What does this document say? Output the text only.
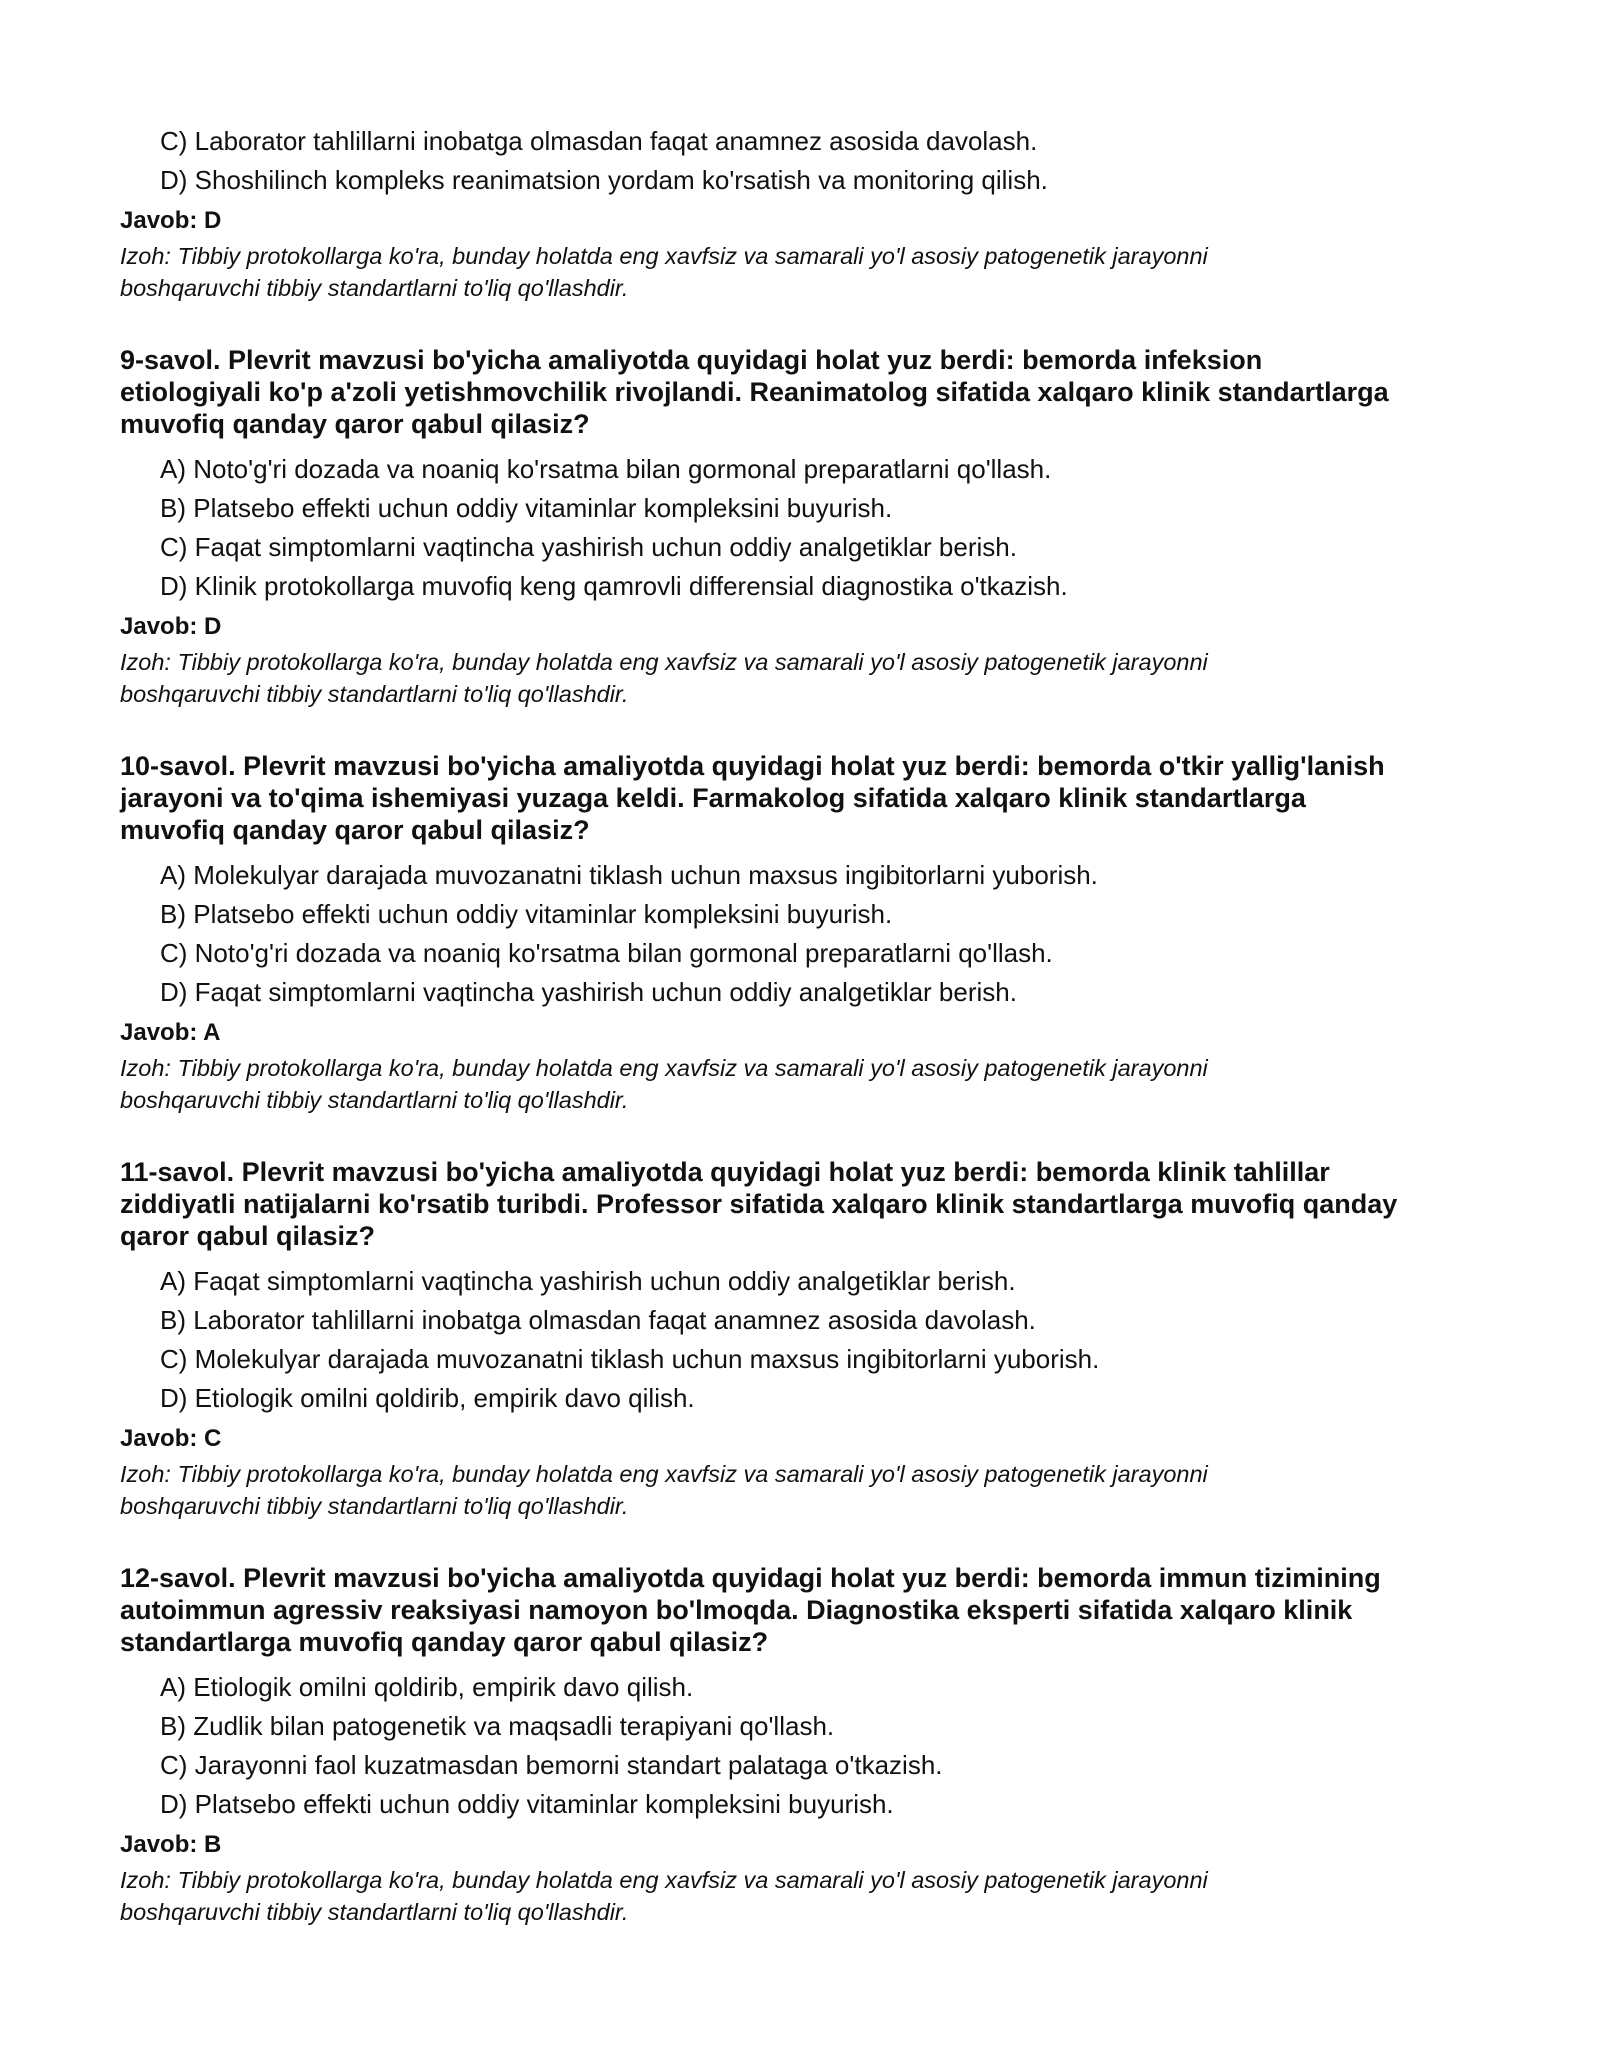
C) Laborator tahlillarni inobatga olmasdan faqat anamnez asosida davolash.
D) Shoshilinch kompleks reanimatsion yordam ko'rsatish va monitoring qilish.
Javob: D
Izoh: Tibbiy protokollarga ko'ra, bunday holatda eng xavfsiz va samarali yo'l asosiy patogenetik jarayonni
boshqaruvchi tibbiy standartlarni to'liq qo'llashdir.
9-savol. Plevrit mavzusi bo'yicha amaliyotda quyidagi holat yuz berdi: bemorda infeksion
etiologiyali ko'p a'zoli yetishmovchilik rivojlandi. Reanimatolog sifatida xalqaro klinik standartlarga
muvofiq qanday qaror qabul qilasiz?
A) Noto'g'ri dozada va noaniq ko'rsatma bilan gormonal preparatlarni qo'llash.
B) Platsebo effekti uchun oddiy vitaminlar kompleksini buyurish.
C) Faqat simptomlarni vaqtincha yashirish uchun oddiy analgetiklar berish.
D) Klinik protokollarga muvofiq keng qamrovli differensial diagnostika o'tkazish.
Javob: D
Izoh: Tibbiy protokollarga ko'ra, bunday holatda eng xavfsiz va samarali yo'l asosiy patogenetik jarayonni
boshqaruvchi tibbiy standartlarni to'liq qo'llashdir.
10-savol. Plevrit mavzusi bo'yicha amaliyotda quyidagi holat yuz berdi: bemorda o'tkir yallig'lanish
jarayoni va to'qima ishemiyasi yuzaga keldi. Farmakolog sifatida xalqaro klinik standartlarga
muvofiq qanday qaror qabul qilasiz?
A) Molekulyar darajada muvozanatni tiklash uchun maxsus ingibitorlarni yuborish.
B) Platsebo effekti uchun oddiy vitaminlar kompleksini buyurish.
C) Noto'g'ri dozada va noaniq ko'rsatma bilan gormonal preparatlarni qo'llash.
D) Faqat simptomlarni vaqtincha yashirish uchun oddiy analgetiklar berish.
Javob: A
Izoh: Tibbiy protokollarga ko'ra, bunday holatda eng xavfsiz va samarali yo'l asosiy patogenetik jarayonni
boshqaruvchi tibbiy standartlarni to'liq qo'llashdir.
11-savol. Plevrit mavzusi bo'yicha amaliyotda quyidagi holat yuz berdi: bemorda klinik tahlillar
ziddiyatli natijalarni ko'rsatib turibdi. Professor sifatida xalqaro klinik standartlarga muvofiq qanday
qaror qabul qilasiz?
A) Faqat simptomlarni vaqtincha yashirish uchun oddiy analgetiklar berish.
B) Laborator tahlillarni inobatga olmasdan faqat anamnez asosida davolash.
C) Molekulyar darajada muvozanatni tiklash uchun maxsus ingibitorlarni yuborish.
D) Etiologik omilni qoldirib, empirik davo qilish.
Javob: C
Izoh: Tibbiy protokollarga ko'ra, bunday holatda eng xavfsiz va samarali yo'l asosiy patogenetik jarayonni
boshqaruvchi tibbiy standartlarni to'liq qo'llashdir.
12-savol. Plevrit mavzusi bo'yicha amaliyotda quyidagi holat yuz berdi: bemorda immun tizimining
autoimmun agressiv reaksiyasi namoyon bo'lmoqda. Diagnostika eksperti sifatida xalqaro klinik
standartlarga muvofiq qanday qaror qabul qilasiz?
A) Etiologik omilni qoldirib, empirik davo qilish.
B) Zudlik bilan patogenetik va maqsadli terapiyani qo'llash.
C) Jarayonni faol kuzatmasdan bemorni standart palataga o'tkazish.
D) Platsebo effekti uchun oddiy vitaminlar kompleksini buyurish.
Javob: B
Izoh: Tibbiy protokollarga ko'ra, bunday holatda eng xavfsiz va samarali yo'l asosiy patogenetik jarayonni
boshqaruvchi tibbiy standartlarni to'liq qo'llashdir.
